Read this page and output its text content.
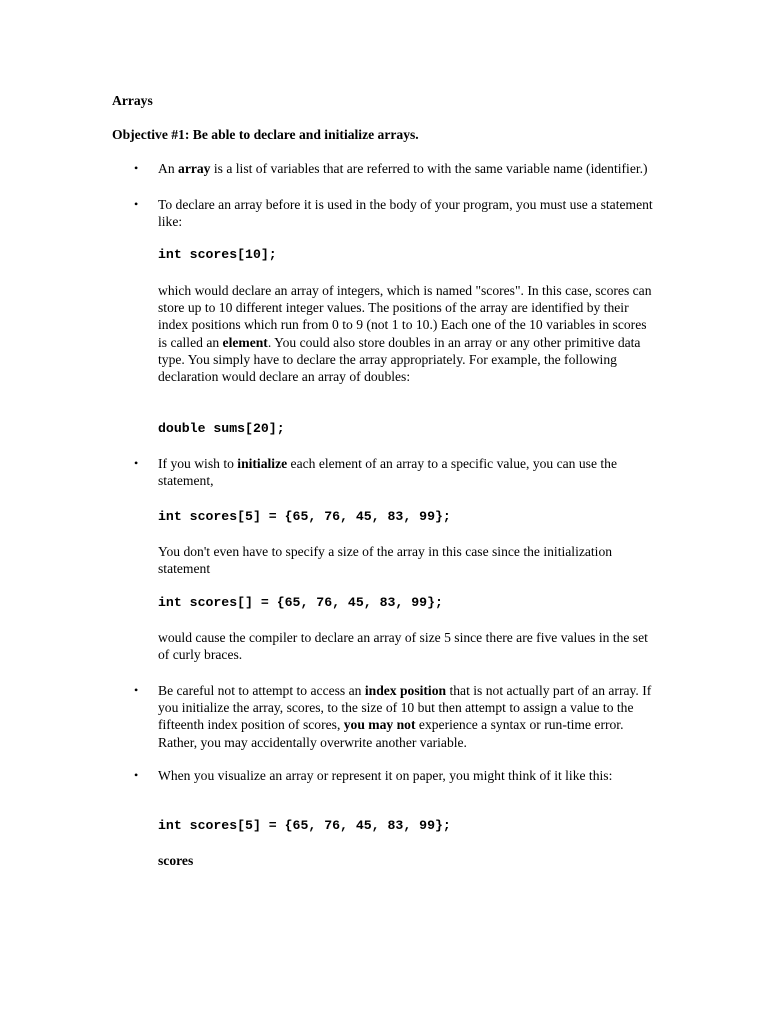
Arrays
Objective #1: Be able to declare and initialize arrays.
• An array is a list of variables that are referred to with the same variable name (identifier.)
• To declare an array before it is used in the body of your program, you must use a statement like:
int scores[10];
which would declare an array of integers, which is named "scores". In this case, scores can store up to 10 different integer values. The positions of the array are identified by their index positions which run from 0 to 9 (not 1 to 10.) Each one of the 10 variables in scores is called an element. You could also store doubles in an array or any other primitive data type. You simply have to declare the array appropriately. For example, the following declaration would declare an array of doubles:
double sums[20];
• If you wish to initialize each element of an array to a specific value, you can use the statement,
int scores[5] = {65, 76, 45, 83, 99};
You don't even have to specify a size of the array in this case since the initialization statement
int scores[] = {65, 76, 45, 83, 99};
would cause the compiler to declare an array of size 5 since there are five values in the set of curly braces.
• Be careful not to attempt to access an index position that is not actually part of an array. If you initialize the array, scores, to the size of 10 but then attempt to assign a value to the fifteenth index position of scores, you may not experience a syntax or run-time error. Rather, you may accidentally overwrite another variable.
• When you visualize an array or represent it on paper, you might think of it like this:
int scores[5] = {65, 76, 45, 83, 99};
scores
